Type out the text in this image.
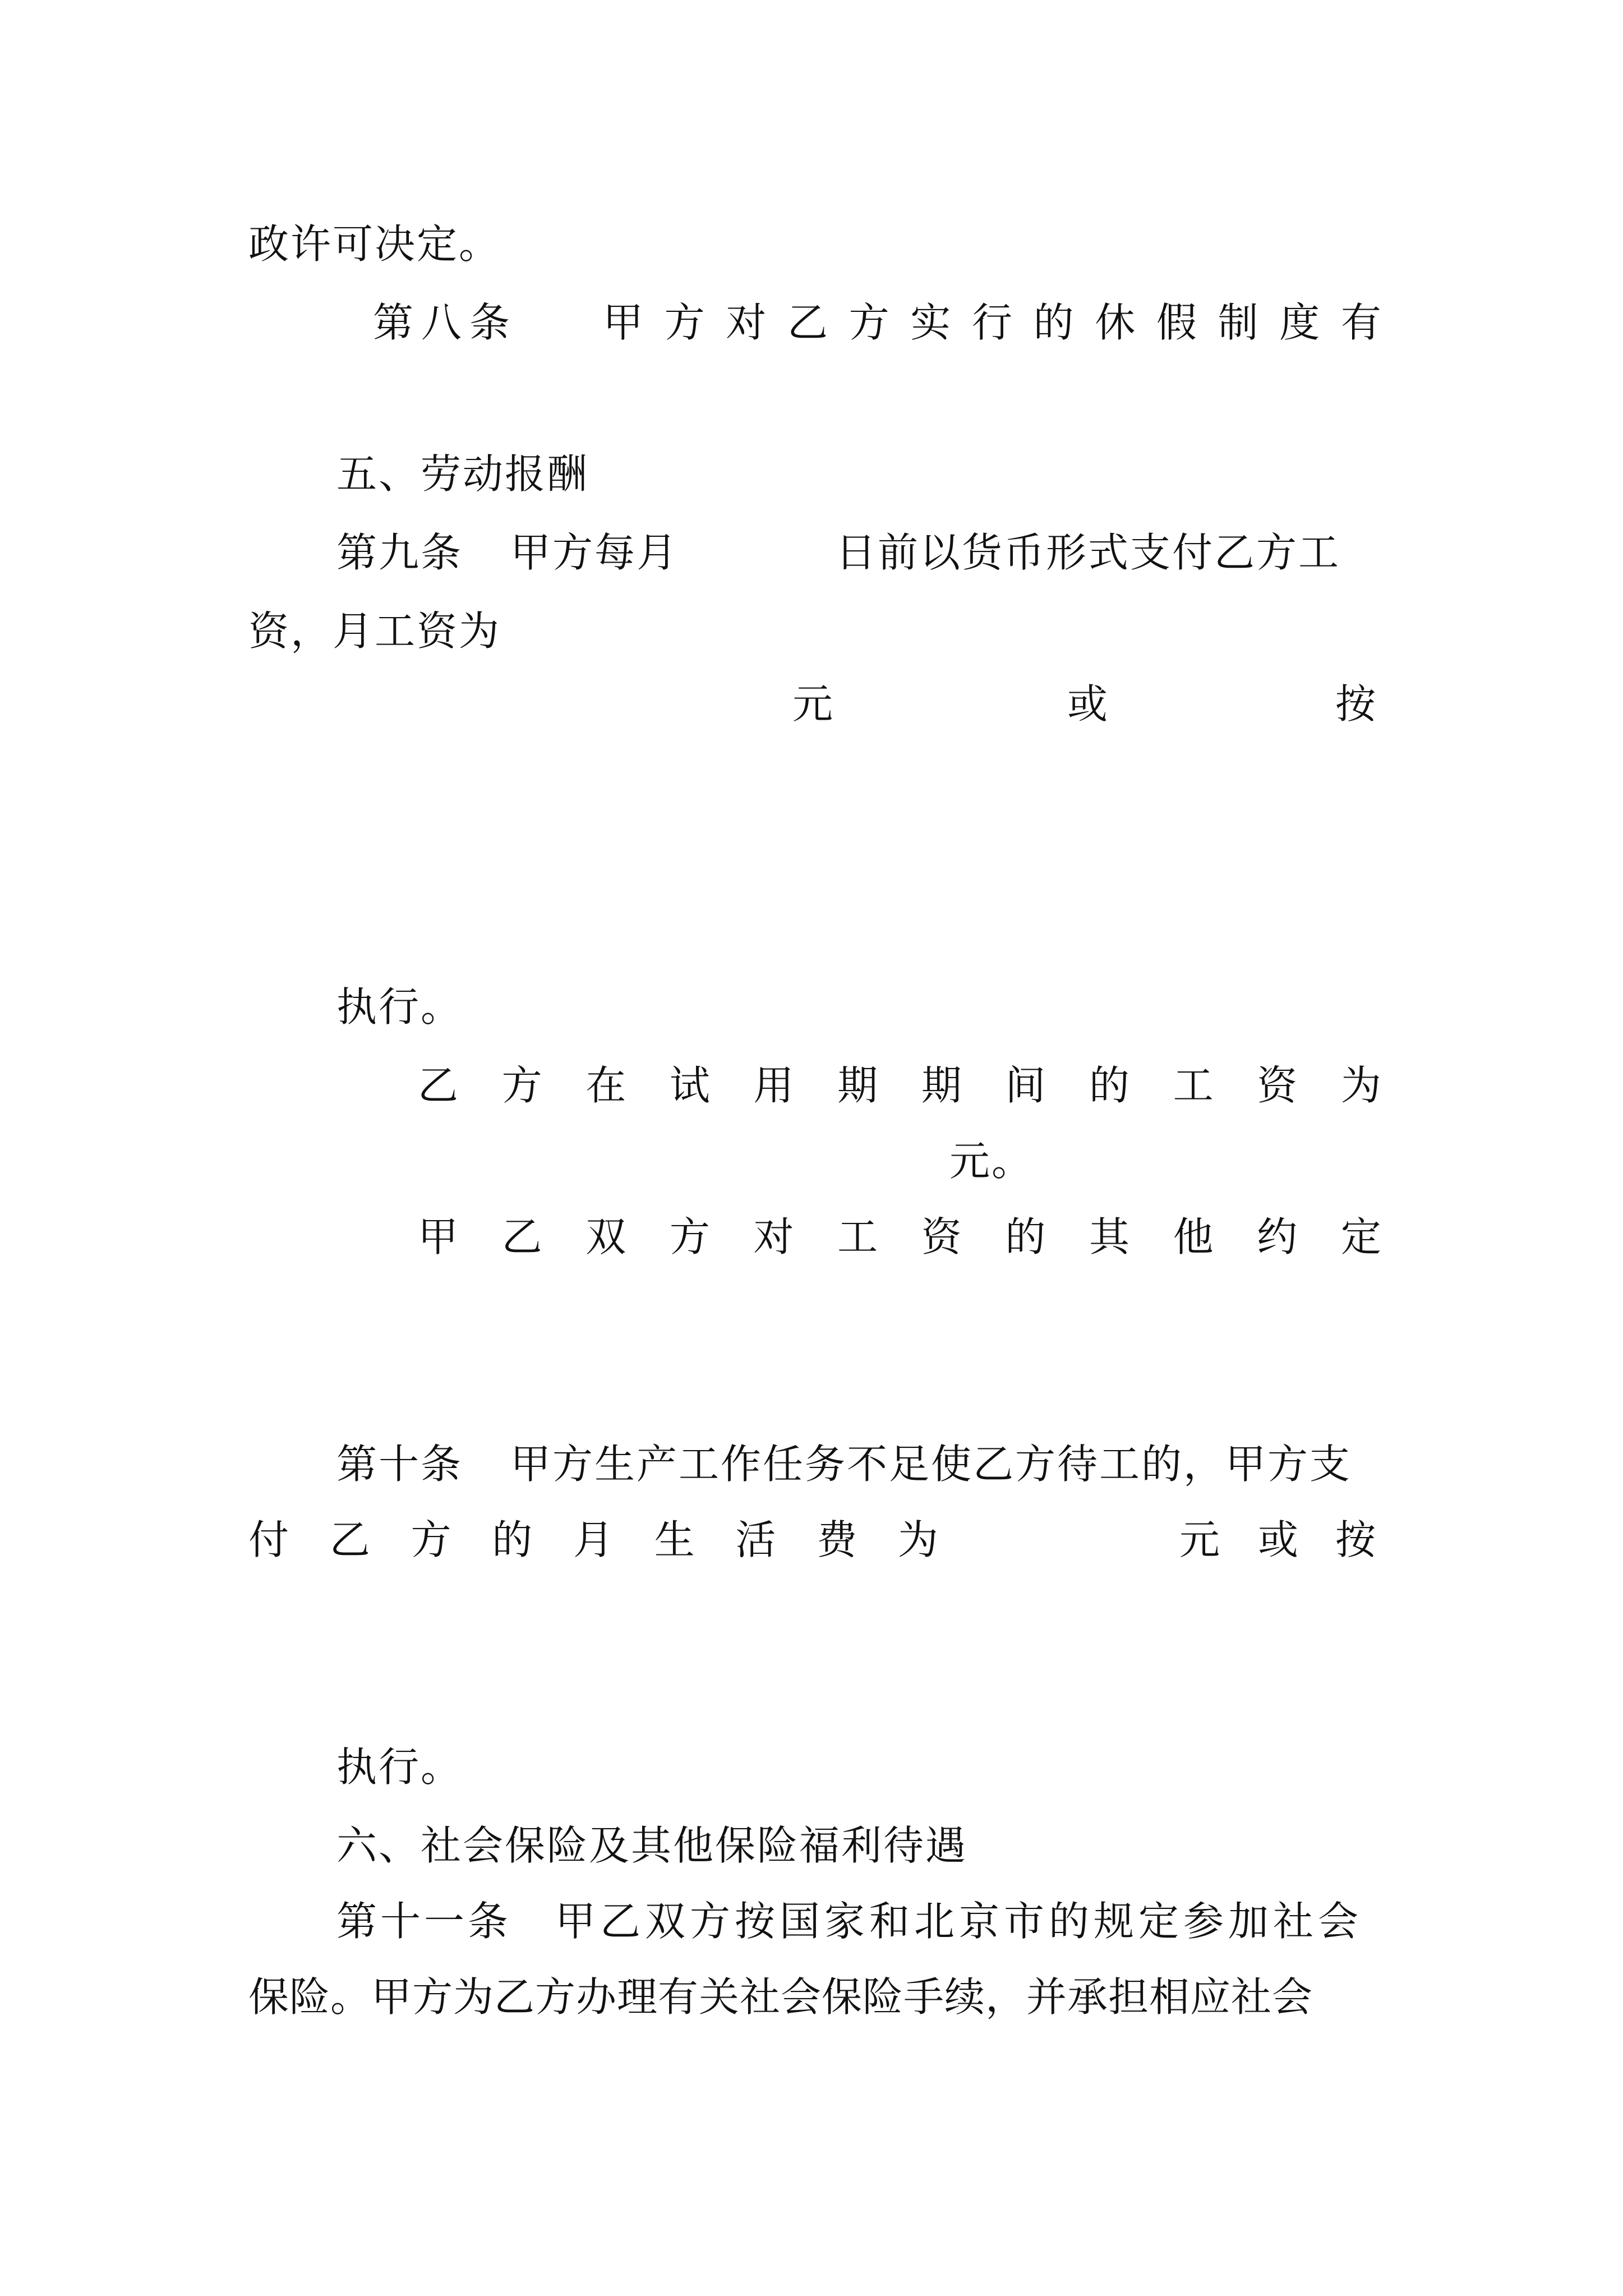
政许可决定。
第八条 甲 方 对 乙 方 实 行 的 休 假 制 度 有
五、劳动报酬
第九条 甲方每月	日前以货币形式支付乙方工
资，月工资为
元	或	按
执行。
乙 方 在 试 用 期 期 间 的 工 资 为
元。
甲 乙 双 方 对 工 资 的 其 他 约 定
第十条 甲方生产工作任务不足使乙方待工的，甲方支
付 乙 方 的 月 生 活 费 为	元 或 按
执行。
六、社会保险及其他保险福利待遇
第十一条 甲乙双方按国家和北京市的规定参加社会
保险。甲方为乙方办理有关社会保险手续，并承担相应社会
